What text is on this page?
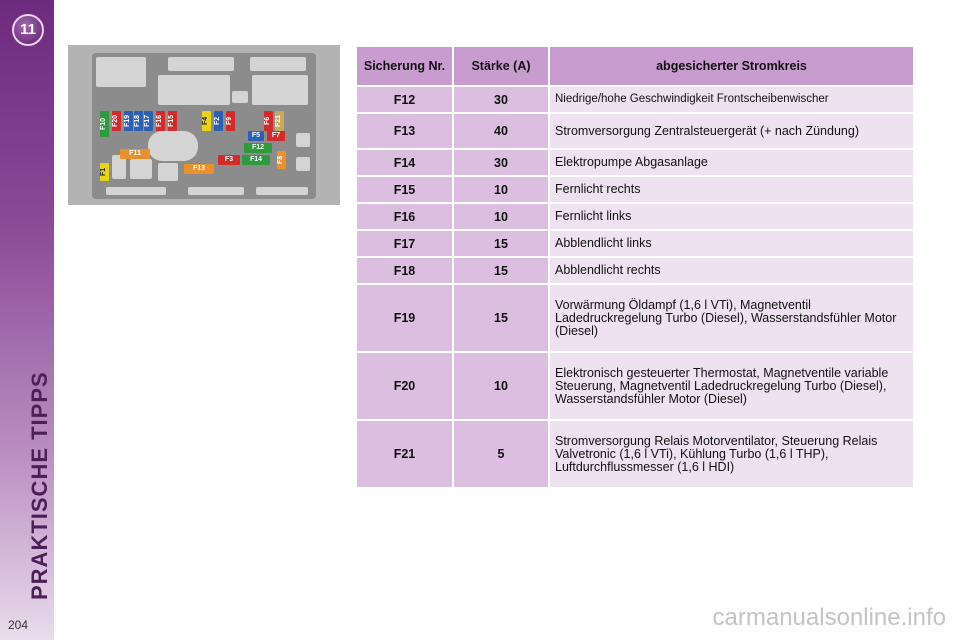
11
PRAKTISCHE TIPPS
204
F10 F20 F19 F18 F17 F16 F15	F4 F2 F9	F6 F21
F1
F8
F5	F7
F12
F11
F3	F14
F13
Sicherung Nr.	Stärke (A)	abgesicherter Stromkreis
F12	30	Niedrige/hohe Geschwindigkeit Frontscheibenwischer
F13	40	Stromversorgung Zentralsteuergerät (+ nach Zündung)
F14	30	Elektropumpe Abgasanlage
F15	10	Fernlicht rechts
F16	10	Fernlicht links
F17	15	Abblendlicht links
F18	15	Abblendlicht rechts
F19	15	Vorwärmung Öldampf (1,6 l VTi), Magnetventil Ladedruckregelung Turbo (Diesel), Wasserstandsfühler Motor (Diesel)
F20	10	Elektronisch gesteuerter Thermostat, Magnetventile variable Steuerung, Magnetventil Ladedruckregelung Turbo (Diesel), Wasserstandsfühler Motor (Diesel)
F21	5	Stromversorgung Relais Motorventilator, Steuerung Relais Valvetronic (1,6 l VTi), Kühlung Turbo (1,6 l THP), Luftdurchflussmesser (1,6 l HDI)
carmanualsonline.info
